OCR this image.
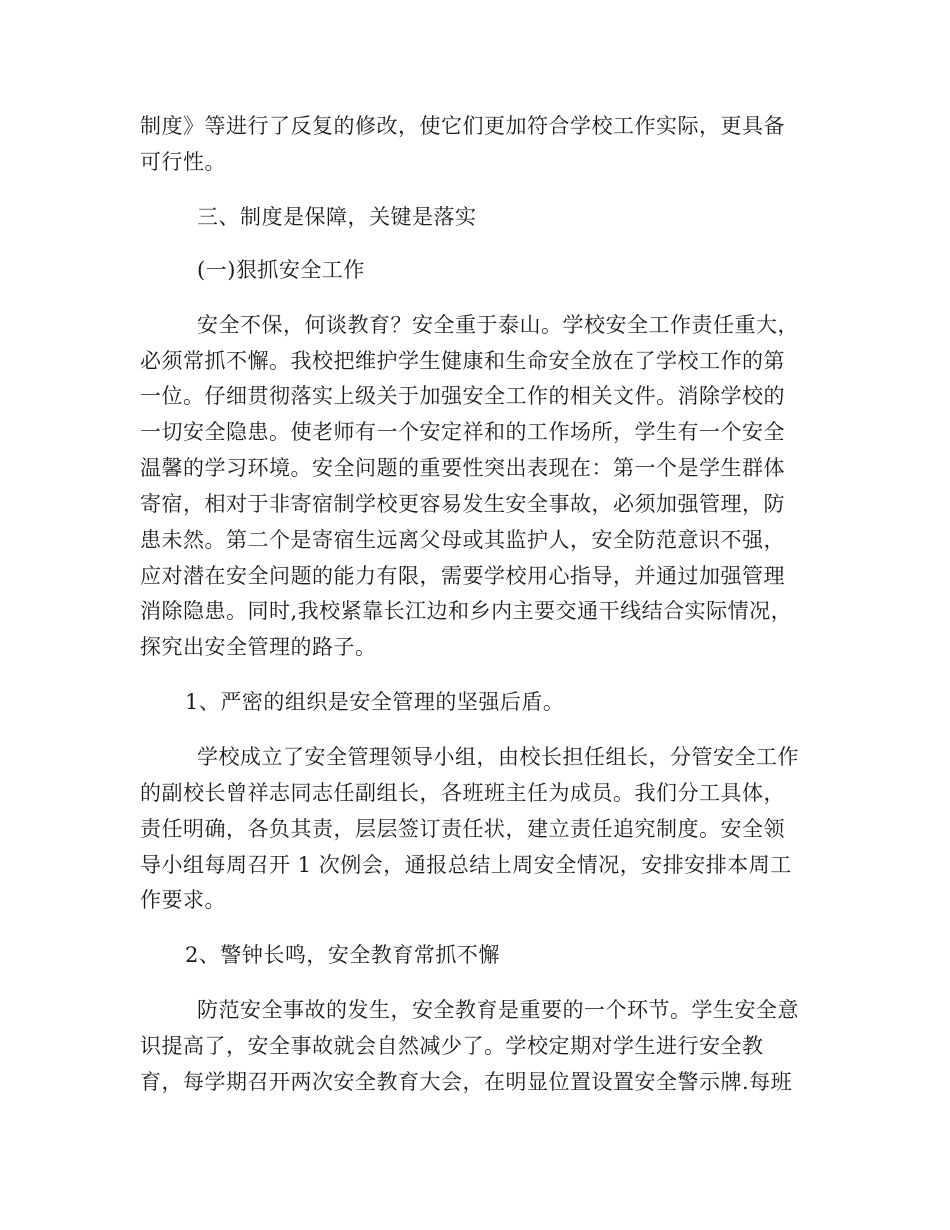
制度》等进行了反复的修改，使它们更加符合学校工作实际，更具备
可行性。
三、制度是保障，关键是落实
(一)狠抓安全工作
安全不保，何谈教育？安全重于泰山。学校安全工作责任重大，
必须常抓不懈。我校把维护学生健康和生命安全放在了学校工作的第
一位。仔细贯彻落实上级关于加强安全工作的相关文件。消除学校的
一切安全隐患。使老师有一个安定祥和的工作场所，学生有一个安全
温馨的学习环境。安全问题的重要性突出表现在：第一个是学生群体
寄宿，相对于非寄宿制学校更容易发生安全事故，必须加强管理，防
患未然。第二个是寄宿生远离父母或其监护人，安全防范意识不强，
应对潜在安全问题的能力有限，需要学校用心指导，并通过加强管理
消除隐患。同时,我校紧靠长江边和乡内主要交通干线结合实际情况，
探究出安全管理的路子。
1、严密的组织是安全管理的坚强后盾。
学校成立了安全管理领导小组，由校长担任组长，分管安全工作
的副校长曾祥志同志任副组长，各班班主任为成员。我们分工具体，
责任明确，各负其责，层层签订责任状，建立责任追究制度。安全领
导小组每周召开 1 次例会，通报总结上周安全情况，安排安排本周工
作要求。
2、警钟长鸣，安全教育常抓不懈
防范安全事故的发生，安全教育是重要的一个环节。学生安全意
识提高了，安全事故就会自然减少了。学校定期对学生进行安全教
育，每学期召开两次安全教育大会，在明显位置设置安全警示牌.每班
